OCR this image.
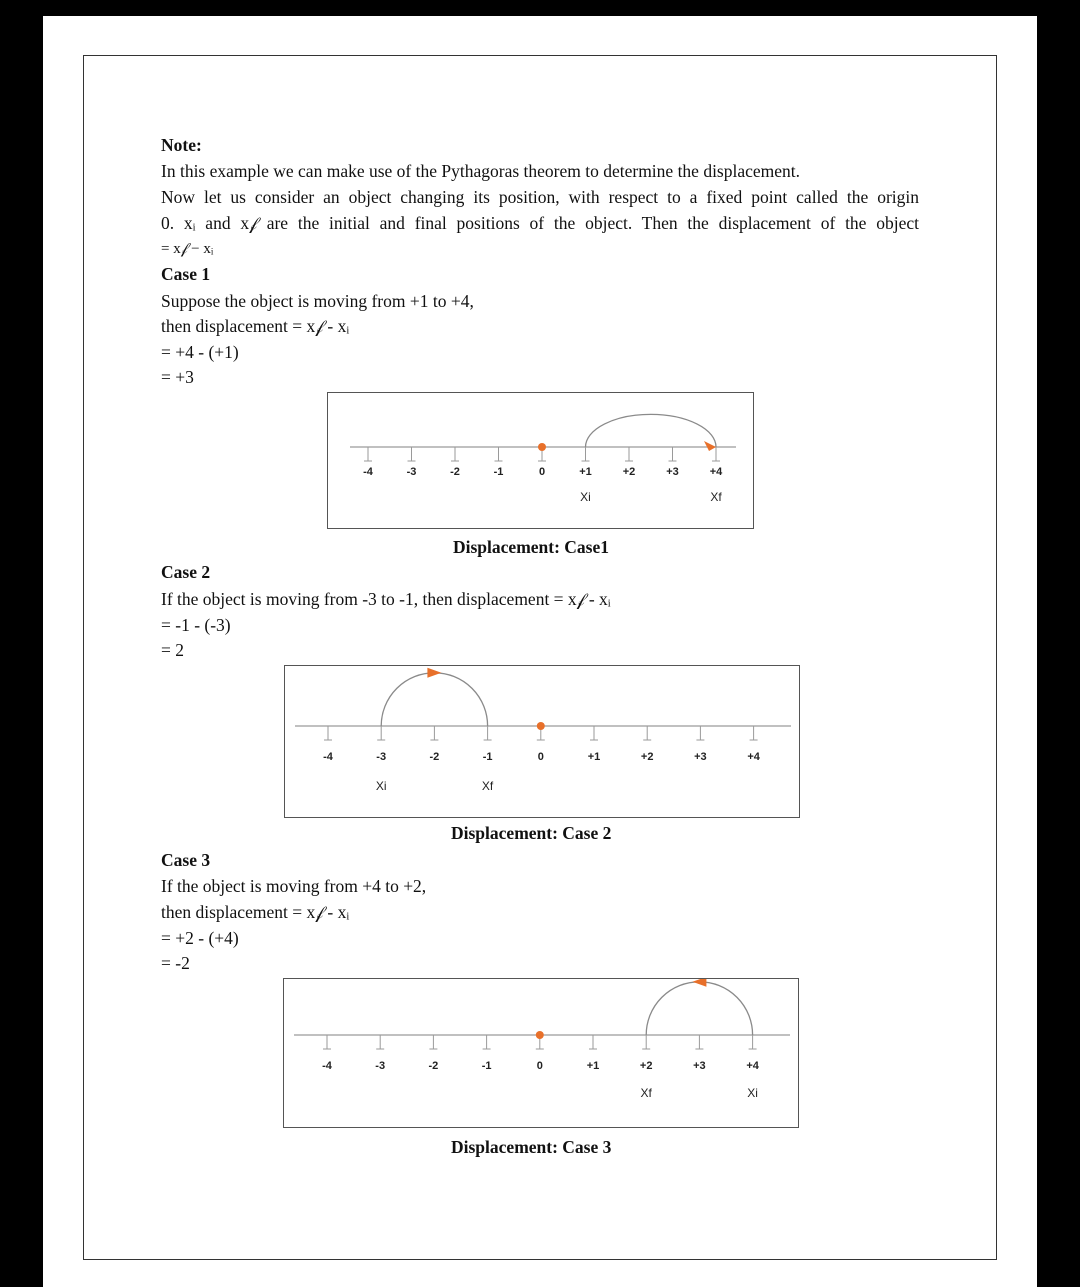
Note:
In this example we can make use of the Pythagoras theorem to determine the displacement.
Now let us consider an object changing its position, with respect to a fixed point called the origin
0. xᵢ and x𝒻 are the initial and final positions of the object. Then the displacement of the object
= x𝒻 − xᵢ
Case 1
Suppose the object is moving from +1 to +4,
then displacement = x𝒻 - xᵢ
= +4 - (+1)
= +3
-4	-3	-2	-1	0	+1	+2	+3	+4
Xi	Xf
Displacement: Case1
Case 2
If the object is moving from -3 to -1, then displacement = x𝒻 - xᵢ
= -1 - (-3)
= 2
-4	-3	-2	-1	0	+1	+2	+3	+4
Xi	Xf
Displacement: Case 2
Case 3
If the object is moving from +4 to +2,
then displacement = x𝒻 - xᵢ
= +2 - (+4)
= -2
-4	-3	-2	-1	0	+1	+2	+3	+4
Xi
Xf
Displacement: Case 3
